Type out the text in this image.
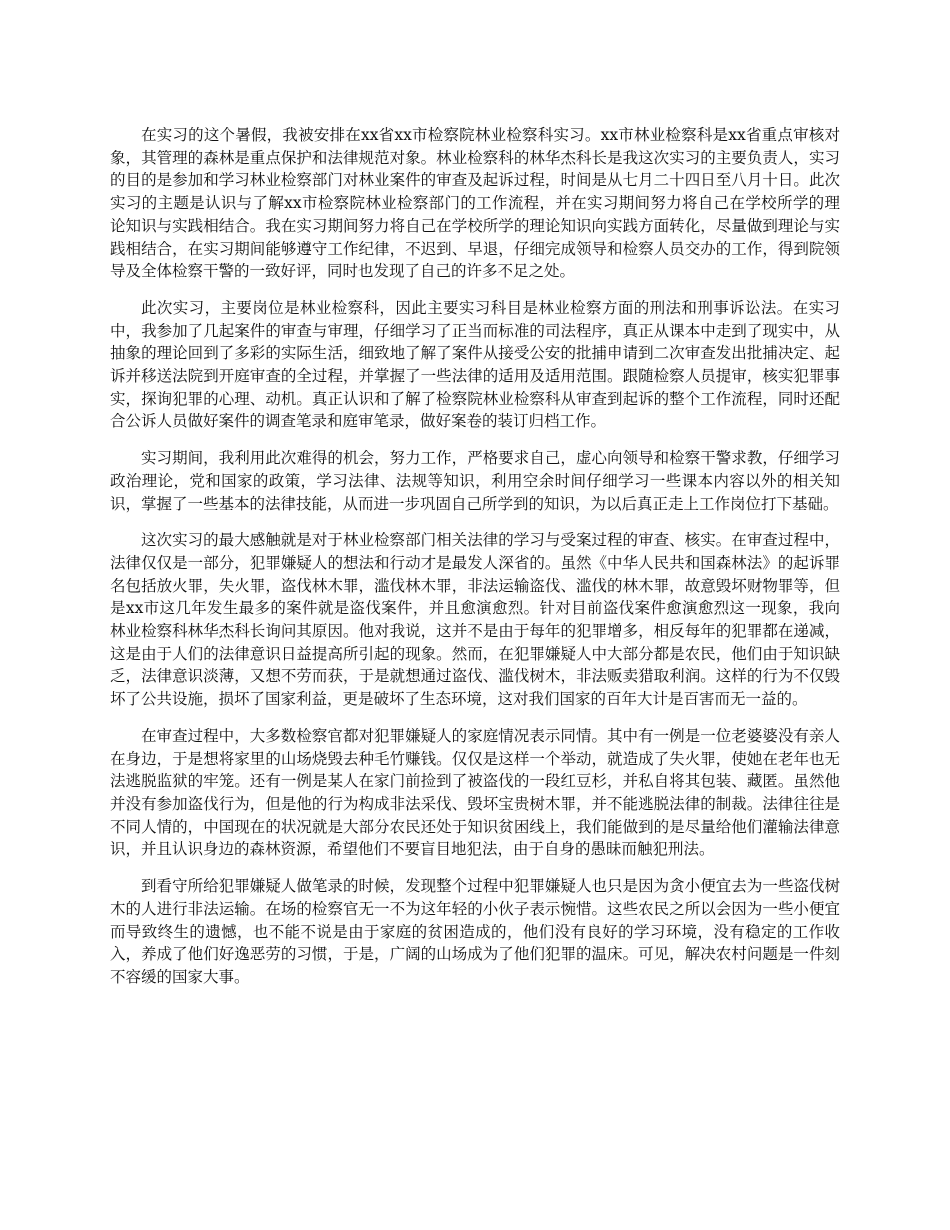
在实习的这个暑假，我被安排在xx省xx市检察院林业检察科实习。xx市林业检察科是xx省重点审核对象，其管理的森林是重点保护和法律规范对象。林业检察科的林华杰科长是我这次实习的主要负责人，实习的目的是参加和学习林业检察部门对林业案件的审查及起诉过程，时间是从七月二十四日至八月十日。此次实习的主题是认识与了解xx市检察院林业检察部门的工作流程，并在实习期间努力将自己在学校所学的理论知识与实践相结合。我在实习期间努力将自己在学校所学的理论知识向实践方面转化，尽量做到理论与实践相结合，在实习期间能够遵守工作纪律，不迟到、早退，仔细完成领导和检察人员交办的工作，得到院领导及全体检察干警的一致好评，同时也发现了自己的许多不足之处。

此次实习，主要岗位是林业检察科，因此主要实习科目是林业检察方面的刑法和刑事诉讼法。在实习中，我参加了几起案件的审查与审理，仔细学习了正当而标准的司法程序，真正从课本中走到了现实中，从抽象的理论回到了多彩的实际生活，细致地了解了案件从接受公安的批捕申请到二次审查发出批捕决定、起诉并移送法院到开庭审查的全过程，并掌握了一些法律的适用及适用范围。跟随检察人员提审，核实犯罪事实，探询犯罪的心理、动机。真正认识和了解了检察院林业检察科从审查到起诉的整个工作流程，同时还配合公诉人员做好案件的调查笔录和庭审笔录，做好案卷的装订归档工作。

实习期间，我利用此次难得的机会，努力工作，严格要求自己，虚心向领导和检察干警求教，仔细学习政治理论，党和国家的政策，学习法律、法规等知识，利用空余时间仔细学习一些课本内容以外的相关知识，掌握了一些基本的法律技能，从而进一步巩固自己所学到的知识，为以后真正走上工作岗位打下基础。

这次实习的最大感触就是对于林业检察部门相关法律的学习与受案过程的审查、核实。在审查过程中，法律仅仅是一部分，犯罪嫌疑人的想法和行动才是最发人深省的。虽然《中华人民共和国森林法》的起诉罪名包括放火罪，失火罪，盗伐林木罪，滥伐林木罪，非法运输盗伐、滥伐的林木罪，故意毁坏财物罪等，但是xx市这几年发生最多的案件就是盗伐案件，并且愈演愈烈。针对目前盗伐案件愈演愈烈这一现象，我向林业检察科林华杰科长询问其原因。他对我说，这并不是由于每年的犯罪增多，相反每年的犯罪都在递减，这是由于人们的法律意识日益提高所引起的现象。然而，在犯罪嫌疑人中大部分都是农民，他们由于知识缺乏，法律意识淡薄，又想不劳而获，于是就想通过盗伐、滥伐树木，非法贩卖猎取利润。这样的行为不仅毁坏了公共设施，损坏了国家利益，更是破坏了生态环境，这对我们国家的百年大计是百害而无一益的。

在审查过程中，大多数检察官都对犯罪嫌疑人的家庭情况表示同情。其中有一例是一位老婆婆没有亲人在身边，于是想将家里的山场烧毁去种毛竹赚钱。仅仅是这样一个举动，就造成了失火罪，使她在老年也无法逃脱监狱的牢笼。还有一例是某人在家门前捡到了被盗伐的一段红豆杉，并私自将其包装、藏匿。虽然他并没有参加盗伐行为，但是他的行为构成非法采伐、毁坏宝贵树木罪，并不能逃脱法律的制裁。法律往往是不同人情的，中国现在的状况就是大部分农民还处于知识贫困线上，我们能做到的是尽量给他们灌输法律意识，并且认识身边的森林资源，希望他们不要盲目地犯法，由于自身的愚昧而触犯刑法。

到看守所给犯罪嫌疑人做笔录的时候，发现整个过程中犯罪嫌疑人也只是因为贪小便宜去为一些盗伐树木的人进行非法运输。在场的检察官无一不为这年轻的小伙子表示惋惜。这些农民之所以会因为一些小便宜而导致终生的遗憾，也不能不说是由于家庭的贫困造成的，他们没有良好的学习环境，没有稳定的工作收入，养成了他们好逸恶劳的习惯，于是，广阔的山场成为了他们犯罪的温床。可见，解决农村问题是一件刻不容缓的国家大事。
